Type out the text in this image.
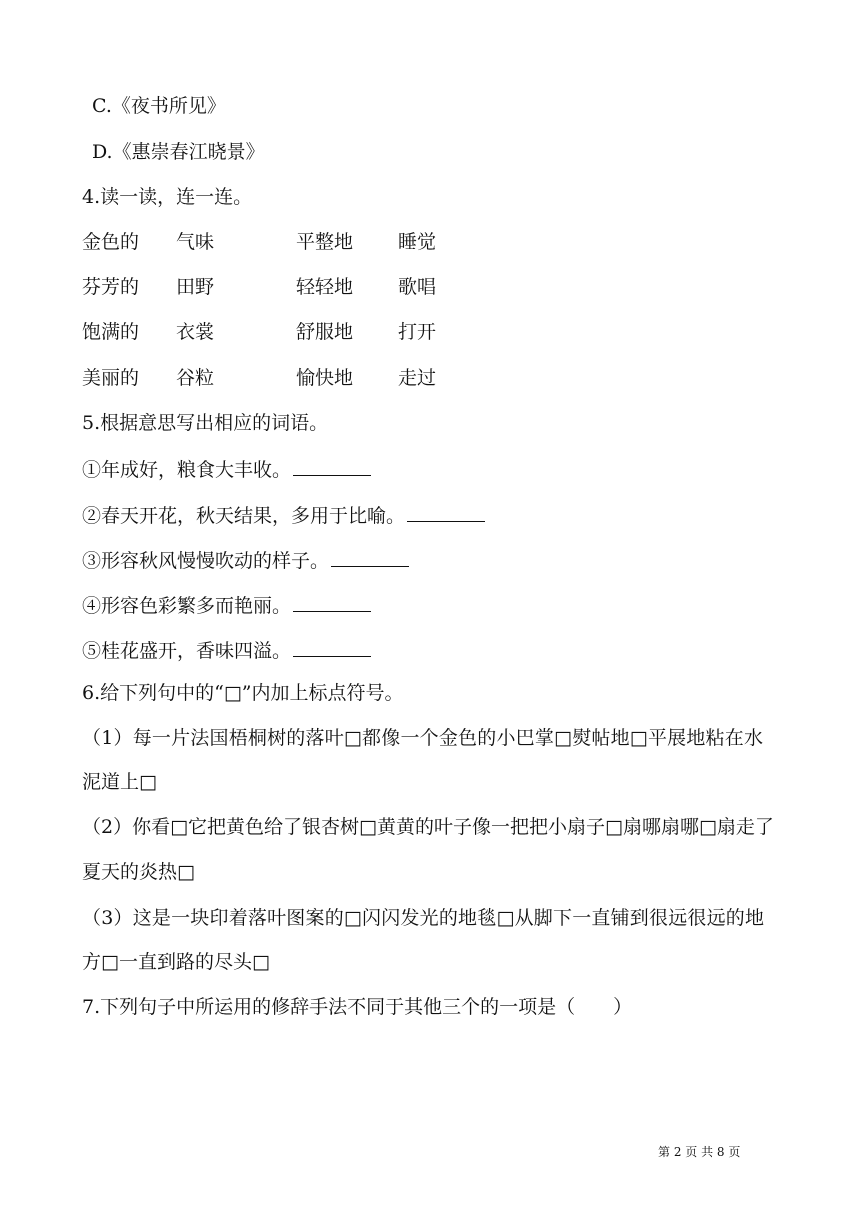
C.《夜书所见》
D.《惠崇春江晓景》
4.读一读，连一连。
金色的 气味	平整地 睡觉
芬芳的 田野	轻轻地 歌唱
饱满的 衣裳	舒服地 打开
美丽的 谷粒	愉快地 走过
5.根据意思写出相应的词语。
①年成好，粮食大丰收。
②春天开花，秋天结果，多用于比喻。
③形容秋风慢慢吹动的样子。
④形容色彩繁多而艳丽。
⑤桂花盛开，香味四溢。
6.给下列句中的“□”内加上标点符号。
（1）每一片法国梧桐树的落叶□都像一个金色的小巴掌□熨帖地□平展地粘在水
泥道上□
（2）你看□它把黄色给了银杏树□黄黄的叶子像一把把小扇子□扇哪扇哪□扇走了
夏天的炎热□
（3）这是一块印着落叶图案的□闪闪发光的地毯□从脚下一直铺到很远很远的地
方□一直到路的尽头□
7.下列句子中所运用的修辞手法不同于其他三个的一项是（　　）
第 2 页 共 8 页
